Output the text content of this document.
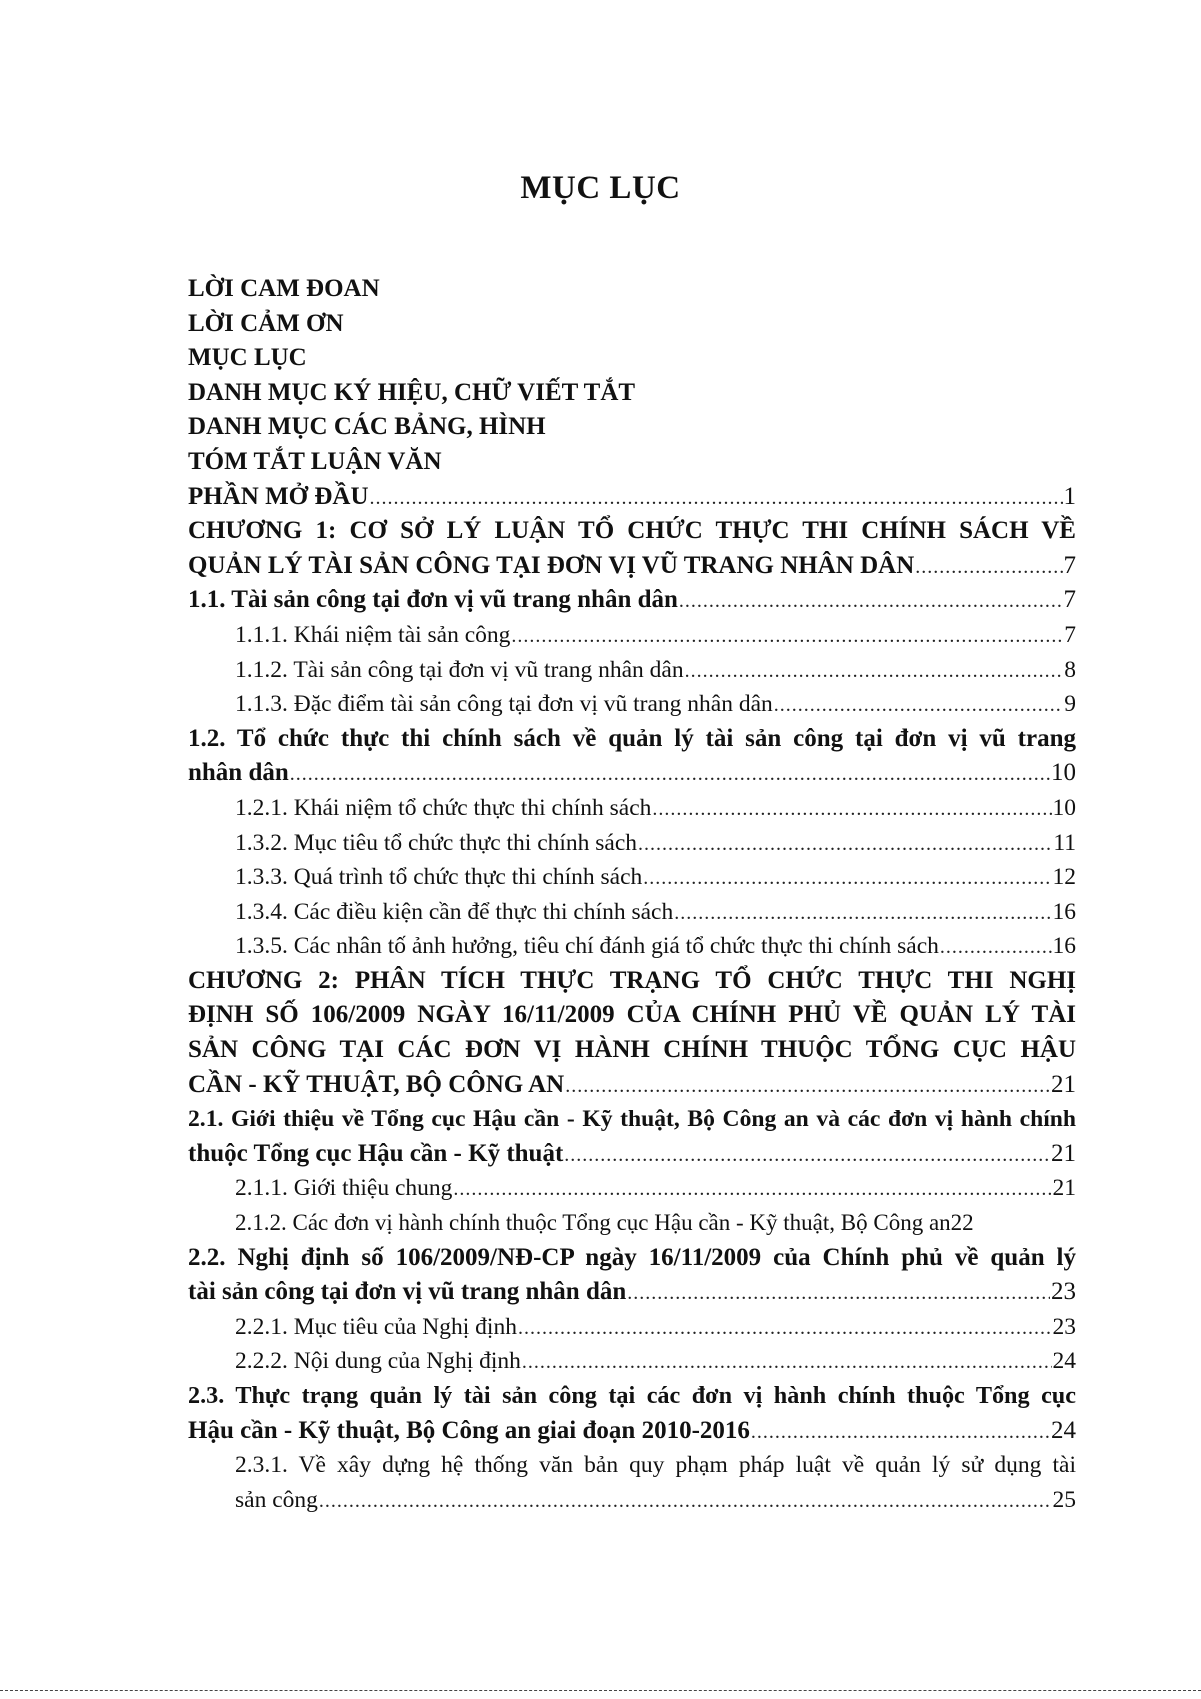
MỤC LỤC
LỜI CAM ĐOAN
LỜI CẢM ƠN
MỤC LỤC
DANH MỤC KÝ HIỆU, CHỮ VIẾT TẮT
DANH MỤC CÁC BẢNG, HÌNH
TÓM TẮT LUẬN VĂN
PHẦN MỞ ĐẦU .....	1
CHƯƠNG 1: CƠ SỞ LÝ LUẬN TỔ CHỨC THỰC THI CHÍNH SÁCH VỀ
QUẢN LÝ TÀI SẢN CÔNG TẠI ĐƠN VỊ VŨ TRANG NHÂN DÂN .....	7
1.1. Tài sản công tại đơn vị vũ trang nhân dân .....	7
1.1.1. Khái niệm tài sản công .....	7
1.1.2. Tài sản công tại đơn vị vũ trang nhân dân .....	8
1.1.3. Đặc điểm tài sản công tại đơn vị vũ trang nhân dân .....	9
1.2. Tổ chức thực thi chính sách về quản lý tài sản công tại đơn vị vũ trang
nhân dân .....	10
1.2.1. Khái niệm tổ chức thực thi chính sách .....	10
1.3.2. Mục tiêu tổ chức thực thi chính sách .....	11
1.3.3. Quá trình tổ chức thực thi chính sách .....	12
1.3.4. Các điều kiện cần để thực thi chính sách .....	16
1.3.5. Các nhân tố ảnh hưởng, tiêu chí đánh giá tổ chức thực thi chính sách .....	16
CHƯƠNG 2: PHÂN TÍCH THỰC TRẠNG TỔ CHỨC THỰC THI NGHỊ
ĐỊNH SỐ 106/2009 NGÀY 16/11/2009 CỦA CHÍNH PHỦ VỀ QUẢN LÝ TÀI
SẢN CÔNG TẠI CÁC ĐƠN VỊ HÀNH CHÍNH THUỘC TỔNG CỤC HẬU
CẦN - KỸ THUẬT, BỘ CÔNG AN .....	21
2.1. Giới thiệu về Tổng cục Hậu cần - Kỹ thuật, Bộ Công an và các đơn vị hành chính
thuộc Tổng cục Hậu cần - Kỹ thuật .....	21
2.1.1. Giới thiệu chung .....	21
2.1.2. Các đơn vị hành chính thuộc Tổng cục Hậu cần - Kỹ thuật, Bộ Công an22
2.2. Nghị định số 106/2009/NĐ-CP ngày 16/11/2009 của Chính phủ về quản lý
tài sản công tại đơn vị vũ trang nhân dân .....	23
2.2.1. Mục tiêu của Nghị định .....	23
2.2.2. Nội dung của Nghị định .....	24
2.3. Thực trạng quản lý tài sản công tại các đơn vị hành chính thuộc Tổng cục
Hậu cần - Kỹ thuật, Bộ Công an giai đoạn 2010-2016 .....	24
2.3.1. Về xây dựng hệ thống văn bản quy phạm pháp luật về quản lý sử dụng tài
sản công .....	25
